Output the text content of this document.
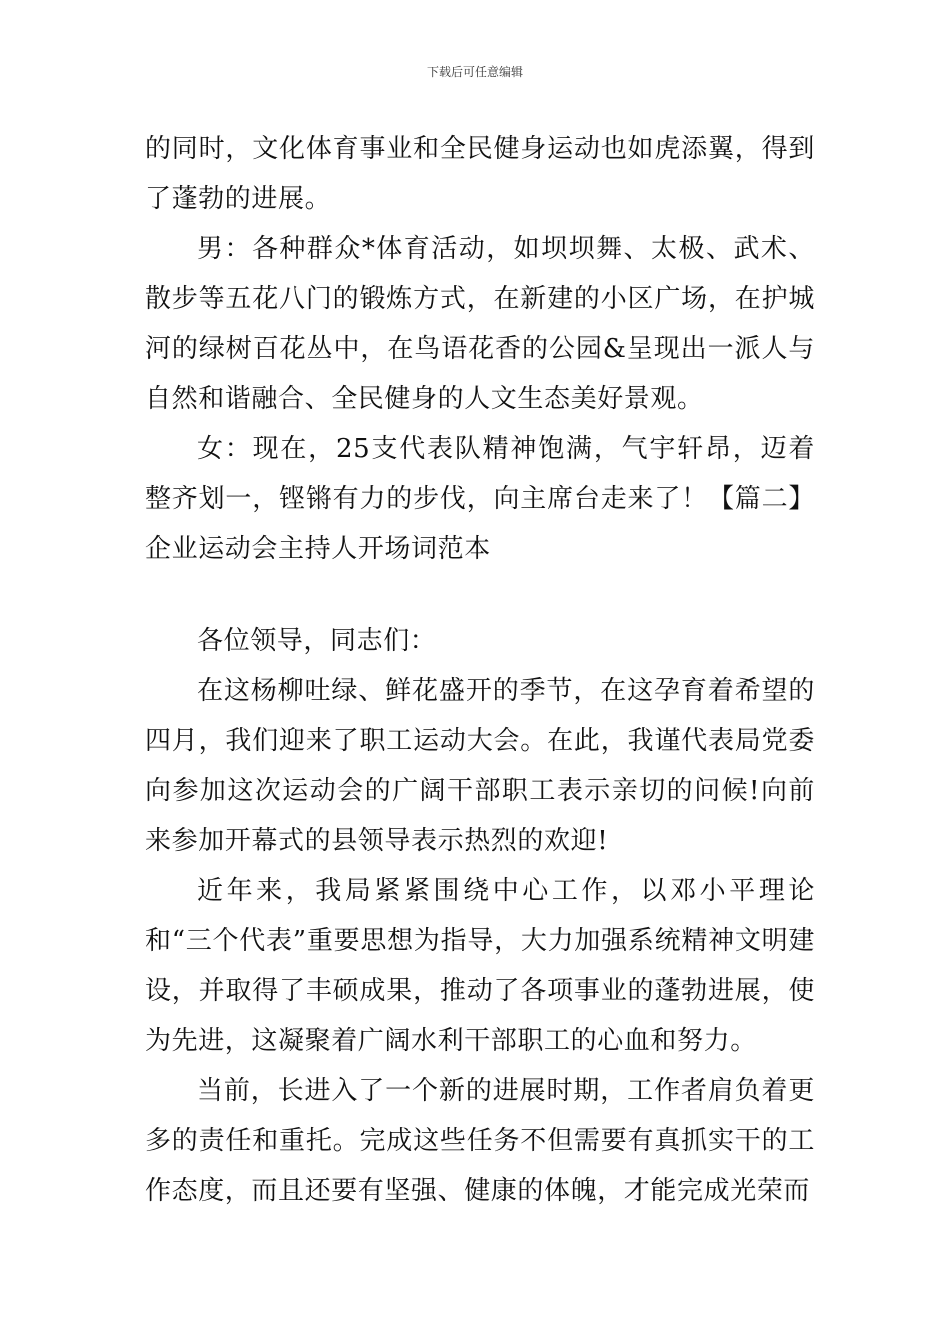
下载后可任意编辑

的同时，文化体育事业和全民健身运动也如虎添翼，得到了蓬勃的进展。

男：各种群众*体育活动，如坝坝舞、太极、武术、散步等五花八门的锻炼方式，在新建的小区广场，在护城河的绿树百花丛中，在鸟语花香的公园&呈现出一派人与自然和谐融合、全民健身的人文生态美好景观。

女：现在，25支代表队精神饱满，气宇轩昂，迈着整齐划一，铿锵有力的步伐，向主席台走来了！【篇二】企业运动会主持人开场词范本

各位领导，同志们：

在这杨柳吐绿、鲜花盛开的季节，在这孕育着希望的四月，我们迎来了职工运动大会。在此，我谨代表局党委向参加这次运动会的广阔干部职工表示亲切的问候!向前来参加开幕式的县领导表示热烈的欢迎!

近年来，我局紧紧围绕中心工作，以邓小平理论和“三个代表”重要思想为指导，大力加强系统精神文明建设，并取得了丰硕成果，推动了各项事业的蓬勃进展，使为先进，这凝聚着广阔水利干部职工的心血和努力。

当前，长进入了一个新的进展时期，工作者肩负着更多的责任和重托。完成这些任务不但需要有真抓实干的工作态度，而且还要有坚强、健康的体魄，才能完成光荣而
